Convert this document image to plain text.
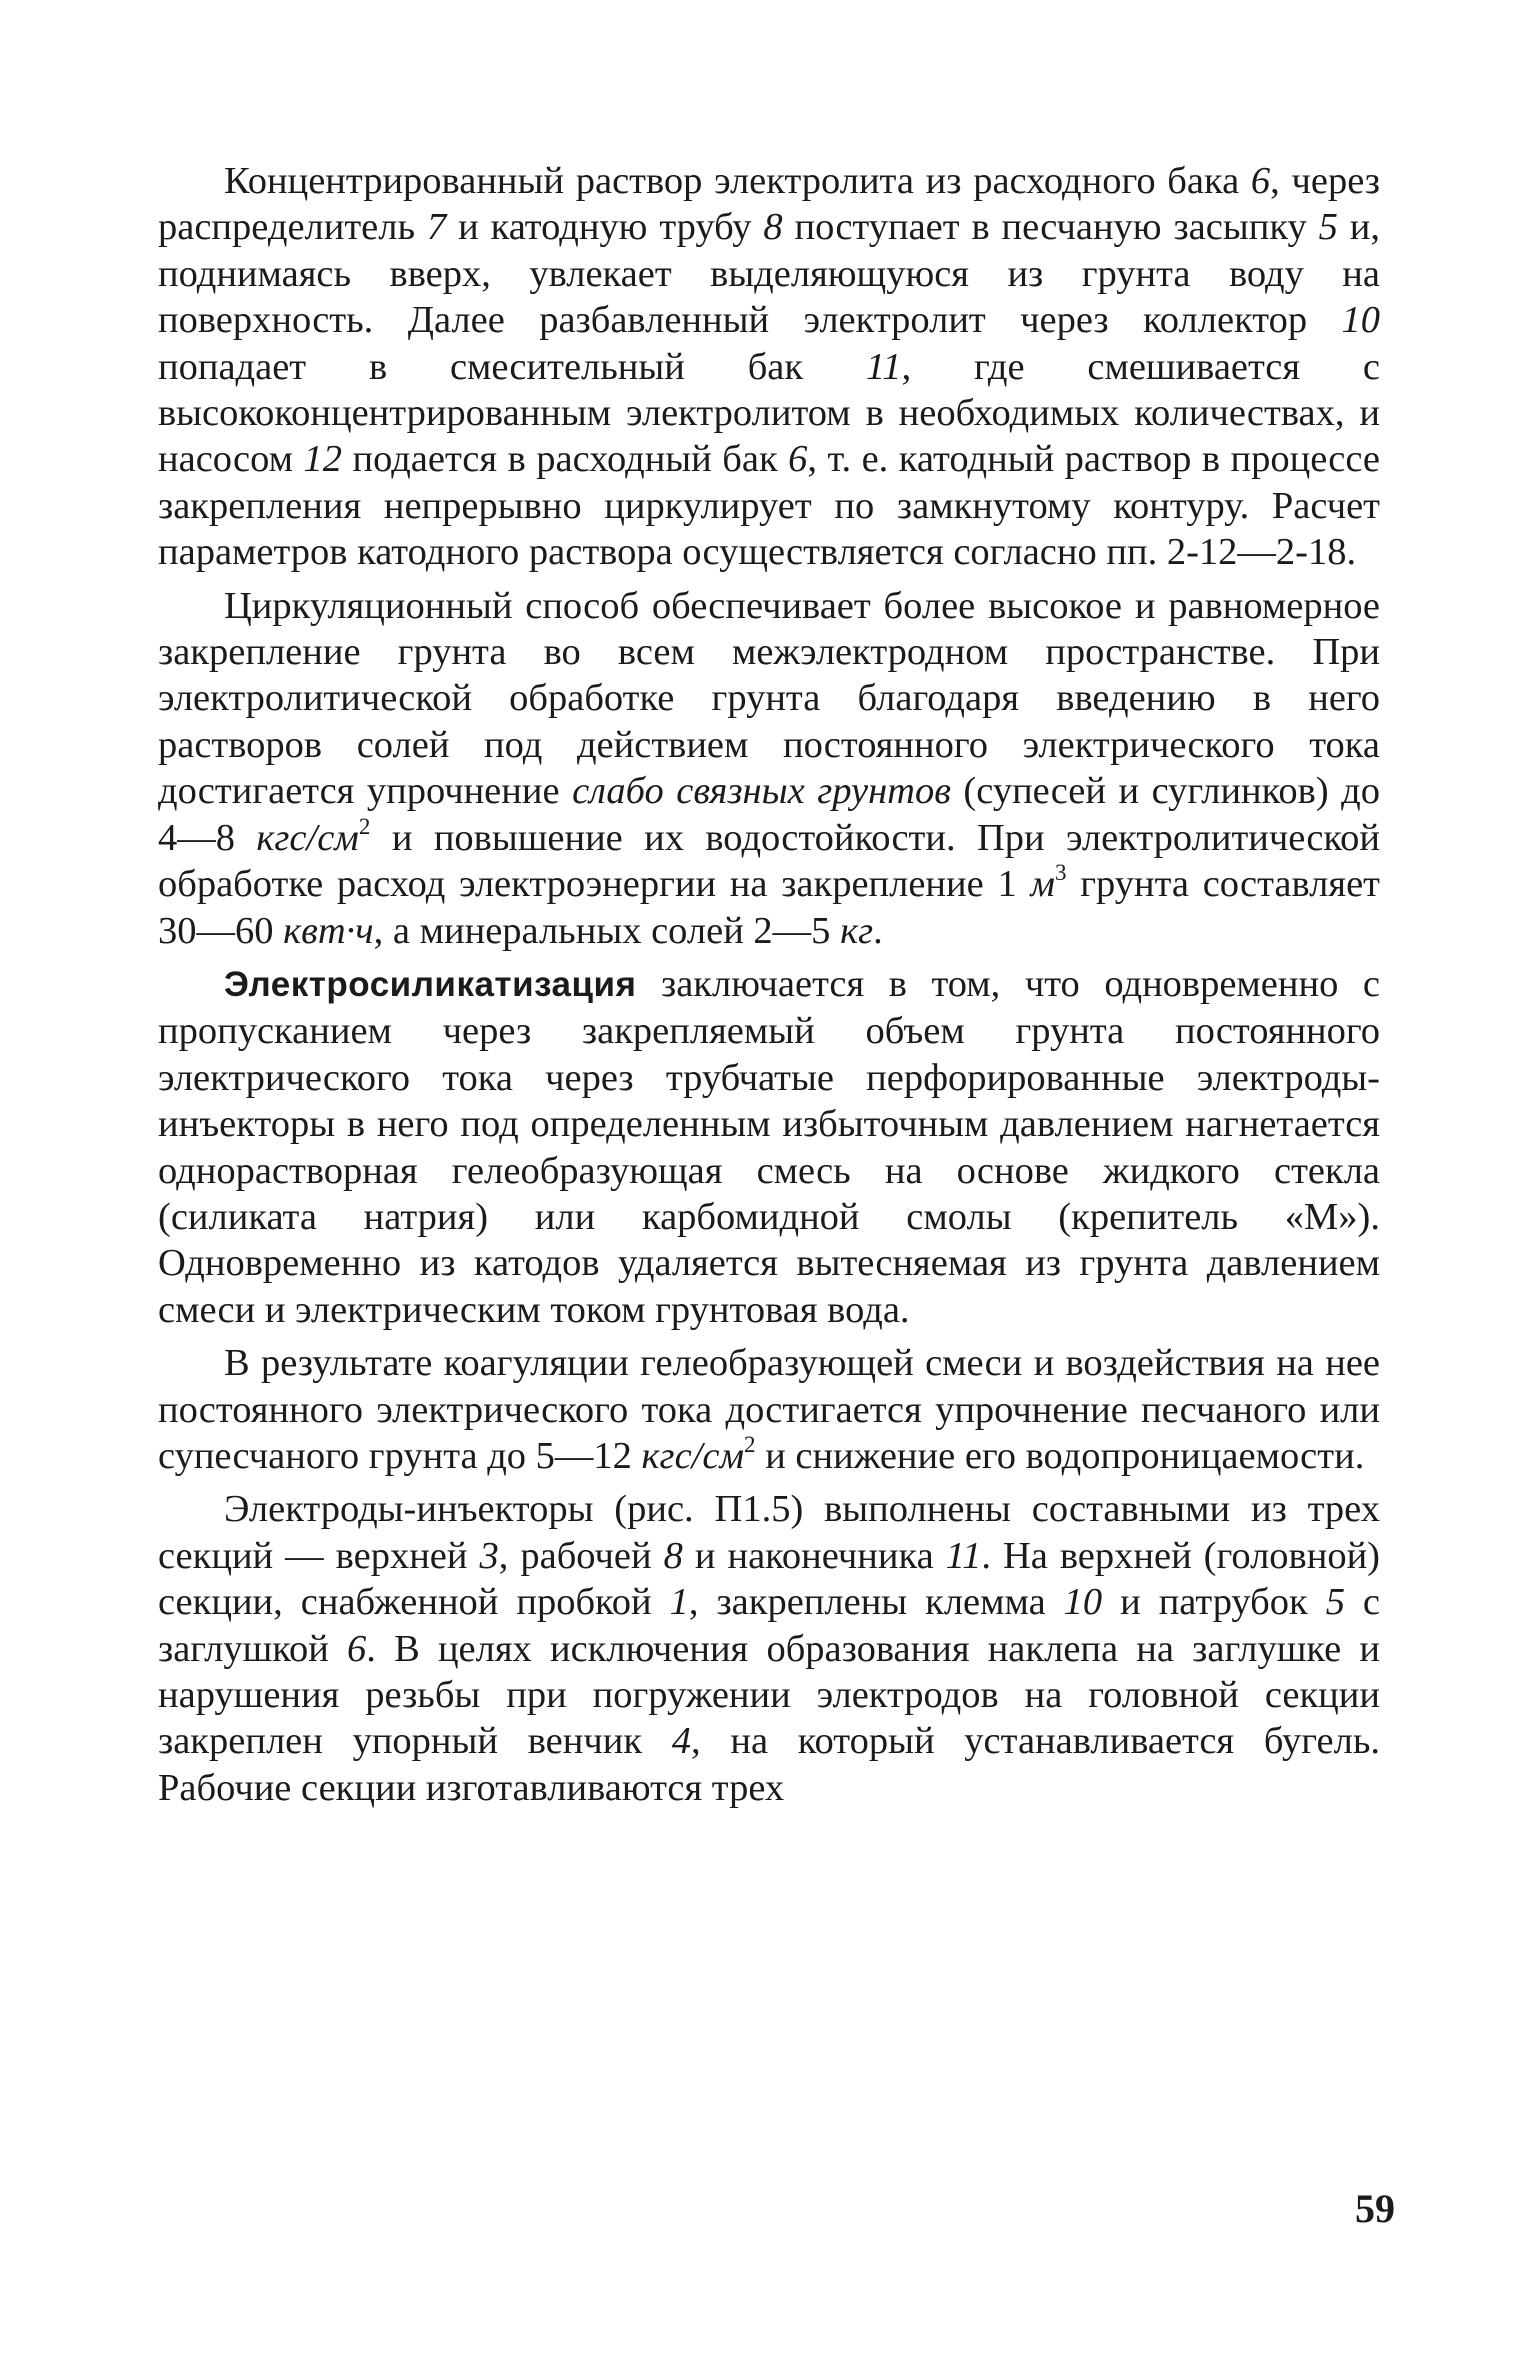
Концентрированный раствор электролита из расходного бака 6, через распределитель 7 и катодную трубу 8 поступает в песчаную засыпку 5 и, поднимаясь вверх, увлекает выделяющуюся из грунта воду на поверхность. Далее разбавленный электролит через коллектор 10 попадает в смесительный бак 11, где смешивается с высококонцентрированным электролитом в необходимых количествах, и насосом 12 подается в расходный бак 6, т. е. катодный раствор в процессе закрепления непрерывно циркулирует по замкнутому контуру. Расчет параметров катодного раствора осуществляется согласно пп. 2-12—2-18.

Циркуляционный способ обеспечивает более высокое и равномерное закрепление грунта во всем межэлектродном пространстве. При электролитической обработке грунта благодаря введению в него растворов солей под действием постоянного электрического тока достигается упрочнение слабо связных грунтов (супесей и суглинков) до 4—8 кгс/$см^2$ и повышение их водостойкости. При электролитической обработке расход электроэнергии на закрепление 1 $м^3$ грунта составляет 30—60 квт·ч, а минеральных солей 2—5 кг.

Электросиликатизация заключается в том, что одновременно с пропусканием через закрепляемый объем грунта постоянного электрического тока через трубчатые перфорированные электроды-инъекторы в него под определенным избыточным давлением нагнетается однорастворная гелеобразующая смесь на основе жидкого стекла (силиката натрия) или карбомидной смолы (крепитель «М»). Одновременно из катодов удаляется вытесняемая из грунта давлением смеси и электрическим током грунтовая вода.

В результате коагуляции гелеобразующей смеси и воздействия на нее постоянного электрического тока достигается упрочнение песчаного или супесчаного грунта до 5—12 кгс/$см^2$ и снижение его водопроницаемости.

Электроды-инъекторы (рис. П1.5) выполнены составными из трех секций — верхней 3, рабочей 8 и наконечника 11. На верхней (головной) секции, снабженной пробкой 1, закреплены клемма 10 и патрубок 5 с заглушкой 6. В целях исключения образования наклепа на заглушке и нарушения резьбы при погружении электродов на головной секции закреплен упорный венчик 4, на который устанавливается бугель. Рабочие секции изготавливаются трех

59
